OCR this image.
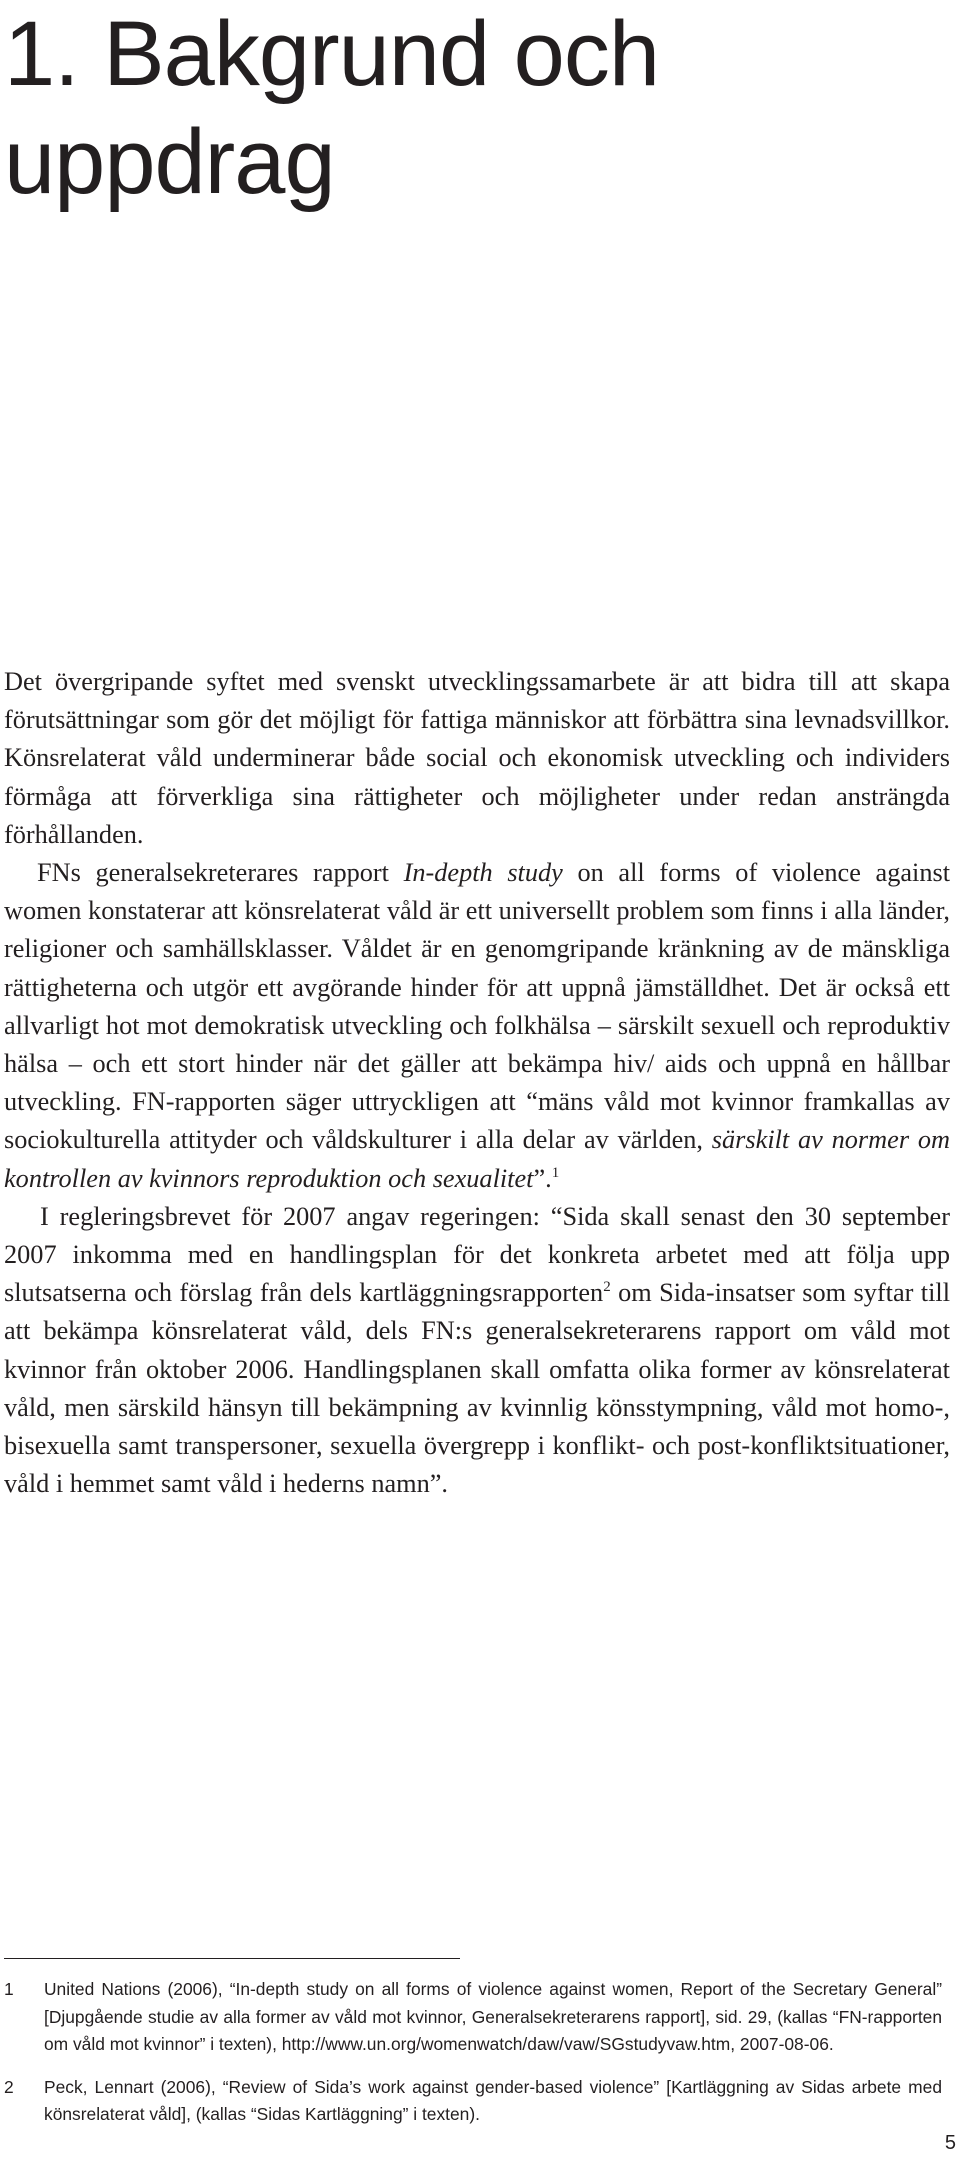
1. Bakgrund och uppdrag

Det övergripande syftet med svenskt utvecklingssamarbete är att bidra till att skapa förutsättningar som gör det möjligt för fattiga människor att förbättra sina levnadsvillkor. Könsrelaterat våld underminerar både social och ekonomisk utveckling och individers förmåga att förverkliga sina rättigheter och möjligheter under redan ansträngda förhållanden.

FNs generalsekreterares rapport In-depth study on all forms of violence against women konstaterar att könsrelaterat våld är ett universellt problem som finns i alla länder, religioner och samhällsklasser. Våldet är en genomgripande kränkning av de mänskliga rättigheterna och utgör ett avgörande hinder för att uppnå jämställdhet. Det är också ett allvarligt hot mot demokratisk utveckling och folkhälsa – särskilt sexuell och reproduktiv hälsa – och ett stort hinder när det gäller att bekämpa hiv/ aids och uppnå en hållbar utveckling. FN-rapporten säger uttryckligen att “mäns våld mot kvinnor framkallas av sociokulturella attityder och våldskulturer i alla delar av världen, särskilt av normer om kontrollen av kvinnors reproduktion och sexualitet”.$^1$

I regleringsbrevet för 2007 angav regeringen: “Sida skall senast den 30 september 2007 inkomma med en handlingsplan för det konkreta arbetet med att följa upp slutsatserna och förslag från dels kartläggningsrapporten$^2$ om Sida-insatser som syftar till att bekämpa könsrelaterat våld, dels FN:s generalsekreterarens rapport om våld mot kvinnor från oktober 2006. Handlingsplanen skall omfatta olika former av könsrelaterat våld, men särskild hänsyn till bekämpning av kvinnlig könsstympning, våld mot homo-, bisexuella samt transpersoner, sexuella övergrepp i konflikt- och post-konfliktsituationer, våld i hemmet samt våld i hederns namn”.

1	United Nations (2006), “In-depth study on all forms of violence against women, Report of the Secretary General” [Djupgående studie av alla former av våld mot kvinnor, Generalsekreterarens rapport], sid. 29, (kallas “FN-rapporten om våld mot kvinnor” i texten), http://www.un.org/womenwatch/daw/vaw/SGstudyvaw.htm, 2007-08-06.
2	Peck, Lennart (2006), “Review of Sida’s work against gender-based violence” [Kartläggning av Sidas arbete med könsrelaterat våld], (kallas “Sidas Kartläggning” i texten).
5
